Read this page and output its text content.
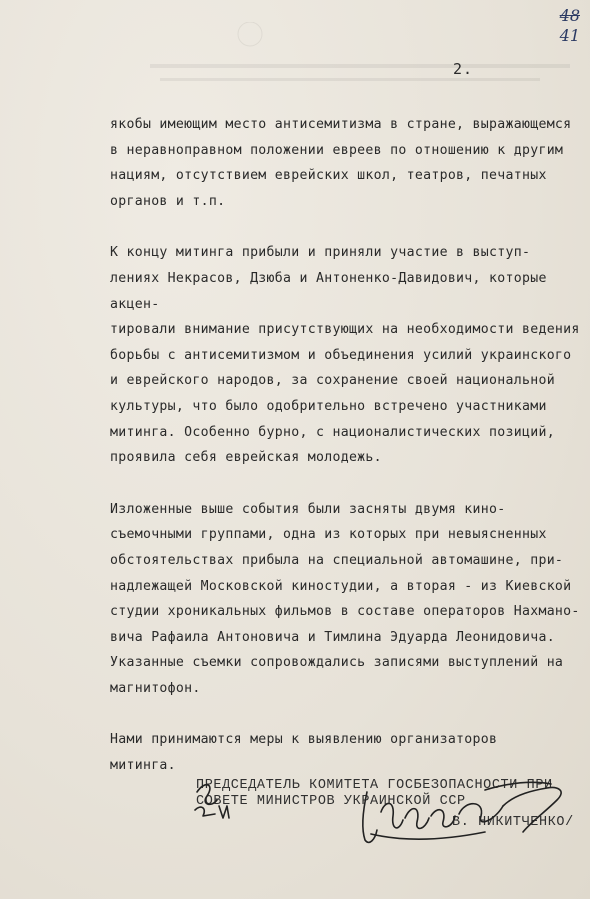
48
41
2.

якобы имеющим место антисемитизма в стране, выражающемся
в неравноправном положении евреев по отношению к другим
нациям, отсутствием еврейских школ, театров, печатных
органов и т.п.

К концу митинга прибыли и приняли участие в выступ-
лениях Некрасов, Дзюба и Антоненко-Давидович, которые акцен-
тировали внимание присутствующих на необходимости ведения
борьбы с антисемитизмом и объединения усилий украинского
и еврейского народов, за сохранение своей национальной
культуры, что было одобрительно встречено участниками
митинга. Особенно бурно, с националистических позиций,
проявила себя еврейская молодежь.

Изложенные выше события были засняты двумя кино-
съемочными группами, одна из которых при невыясненных
обстоятельствах прибыла на специальной автомашине, при-
надлежащей Московской киностудии, а вторая - из Киевской
студии хроникальных фильмов в составе операторов Нахмано-
вича Рафаила Антоновича и Тимлина Эдуарда Леонидовича.
Указанные съемки сопровождались записями выступлений на
магнитофон.

Нами принимаются меры к выявлению организаторов
митинга.

ПРЕДСЕДАТЕЛЬ КОМИТЕТА ГОСБЕЗОПАСНОСТИ ПРИ
СОВЕТЕ МИНИСТРОВ УКРАИНСКОЙ ССР
В. НИКИТЧЕНКО/
